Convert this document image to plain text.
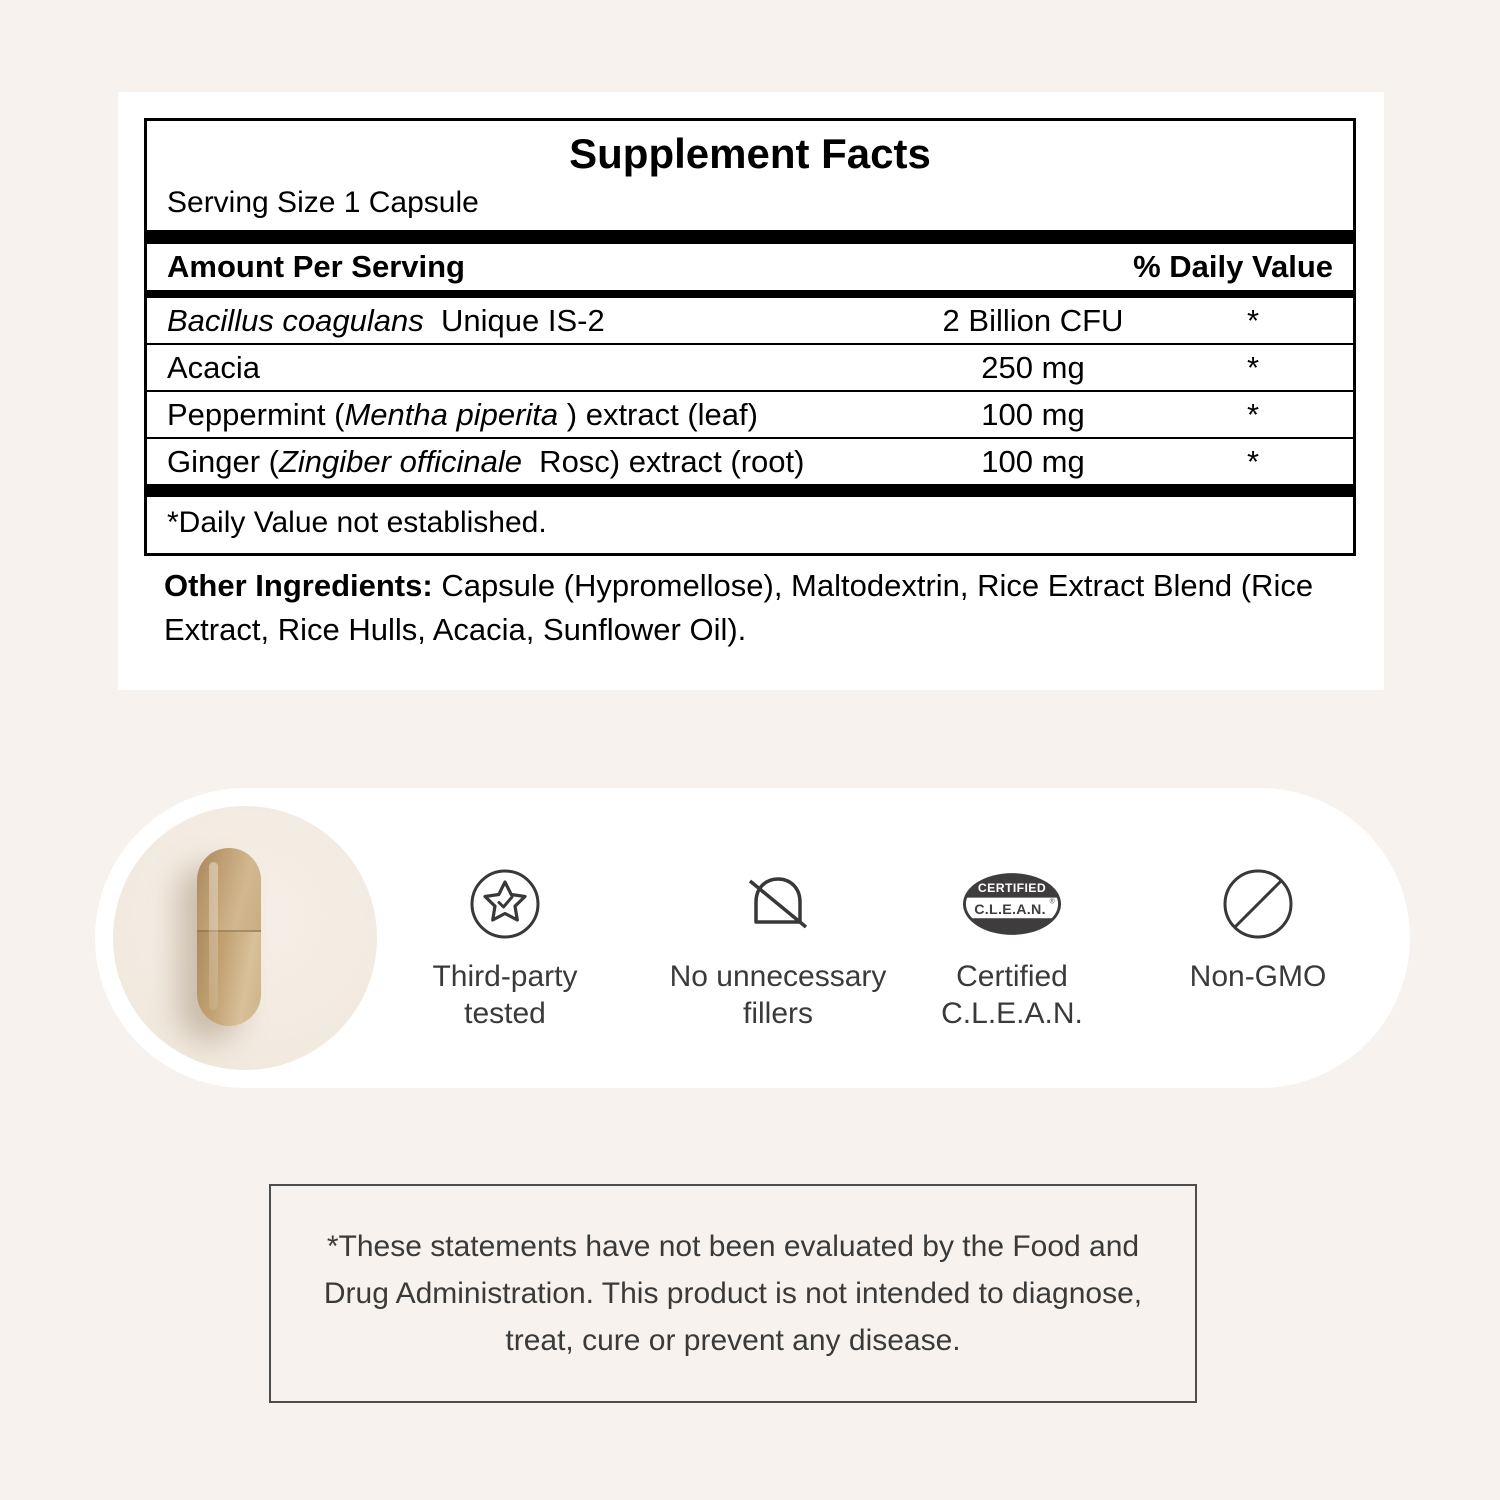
Supplement Facts
Serving Size 1 Capsule
Amount Per Serving	% Daily Value
Bacillus coagulans  Unique IS-2	2 Billion CFU	*
Acacia	250 mg	*
Peppermint (Mentha piperita ) extract (leaf)	100 mg	*
Ginger (Zingiber officinale  Rosc) extract (root)	100 mg	*
*Daily Value not established.
Other Ingredients: Capsule (Hypromellose), Maltodextrin, Rice Extract Blend (Rice Extract, Rice Hulls, Acacia, Sunflower Oil).
Third-party
tested
No unnecessary
fillers
CERTIFIED
C.L.E.A.N. ®
Certified
C.L.E.A.N.
Non-GMO

*These statements have not been evaluated by the Food and Drug Administration. This product is not intended to diagnose, treat, cure or prevent any disease.
